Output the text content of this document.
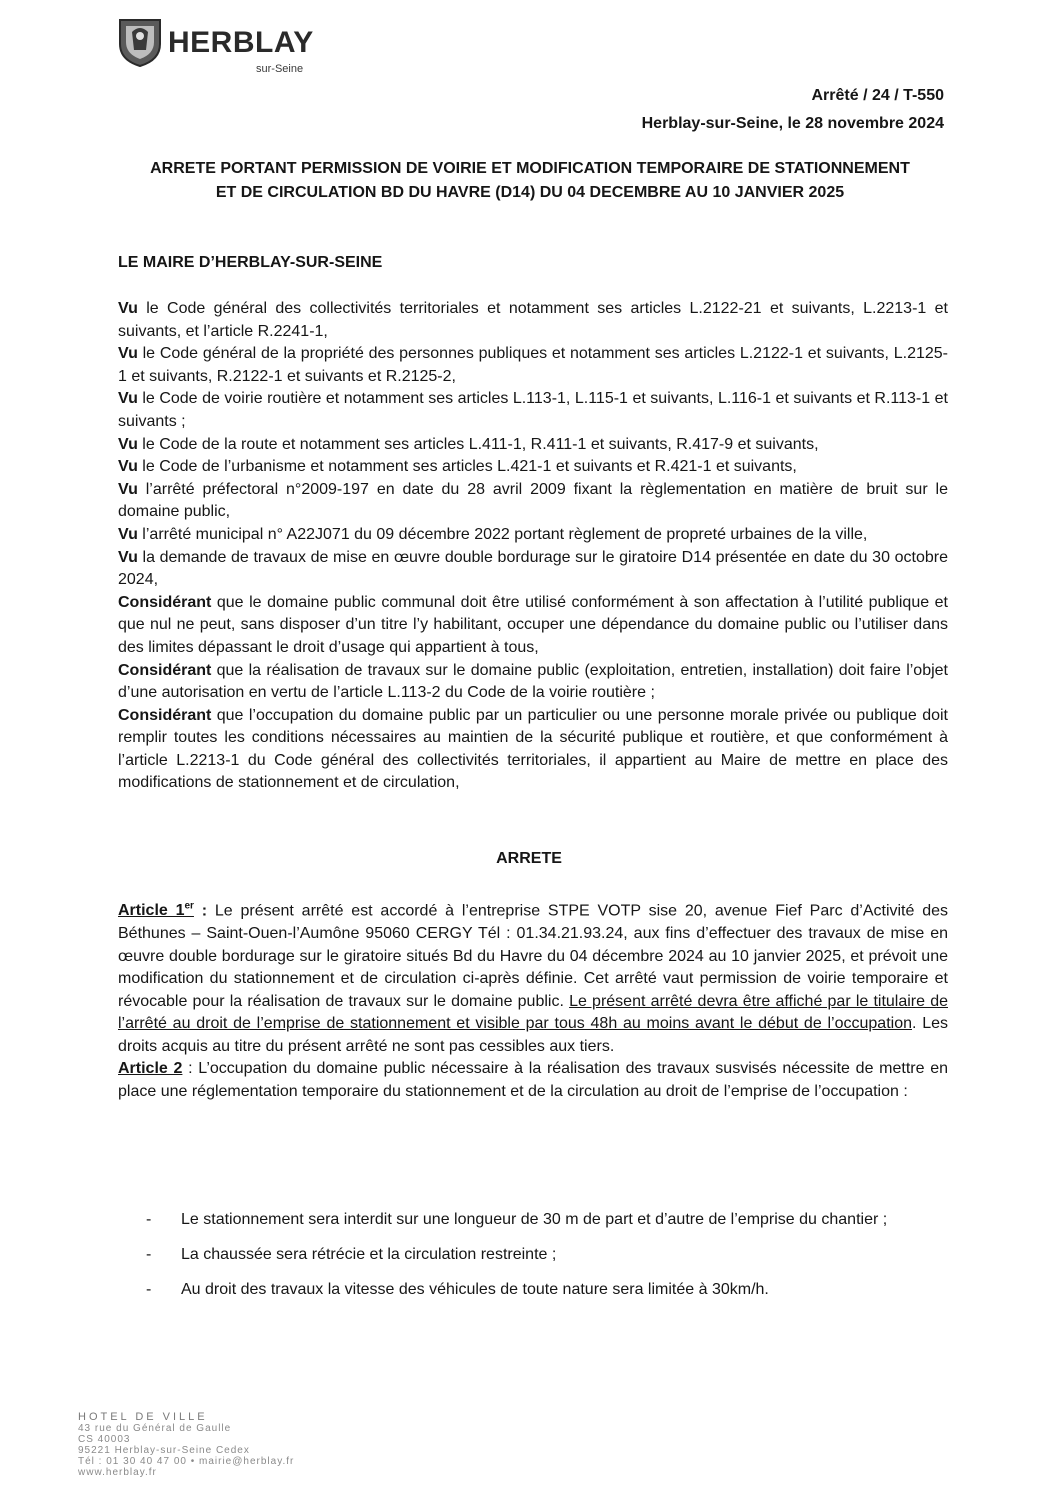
HERBLAY
sur-Seine
Arrêté / 24 / T-550
Herblay-sur-Seine, le 28 novembre 2024
ARRETE PORTANT PERMISSION DE VOIRIE ET MODIFICATION TEMPORAIRE DE STATIONNEMENT
ET DE CIRCULATION BD DU HAVRE (D14) DU 04 DECEMBRE AU 10 JANVIER 2025
LE MAIRE D’HERBLAY-SUR-SEINE

Vu le Code général des collectivités territoriales et notamment ses articles L.2122-21 et suivants, L.2213-1 et suivants, et l’article R.2241-1,

Vu le Code général de la propriété des personnes publiques et notamment ses articles L.2122-1 et suivants, L.2125-1 et suivants, R.2122-1 et suivants et R.2125-2,

Vu le Code de voirie routière et notamment ses articles L.113-1, L.115-1 et suivants, L.116-1 et suivants et R.113-1 et suivants ;

Vu le Code de la route et notamment ses articles L.411-1, R.411-1 et suivants, R.417-9 et suivants,

Vu le Code de l’urbanisme et notamment ses articles L.421-1 et suivants et R.421-1 et suivants,

Vu l’arrêté préfectoral n°2009-197 en date du 28 avril 2009 fixant la règlementation en matière de bruit sur le domaine public,

Vu l’arrêté municipal n° A22J071 du 09 décembre 2022 portant règlement de propreté urbaines de la ville,

Vu la demande de travaux de mise en œuvre double bordurage sur le giratoire D14 présentée en date du 30 octobre 2024,

Considérant que le domaine public communal doit être utilisé conformément à son affectation à l’utilité publique et que nul ne peut, sans disposer d’un titre l’y habilitant, occuper une dépendance du domaine public ou l’utiliser dans des limites dépassant le droit d’usage qui appartient à tous,

Considérant que la réalisation de travaux sur le domaine public (exploitation, entretien, installation) doit faire l’objet d’une autorisation en vertu de l’article L.113-2 du Code de la voirie routière ;

Considérant que l’occupation du domaine public par un particulier ou une personne morale privée ou publique doit remplir toutes les conditions nécessaires au maintien de la sécurité publique et routière, et que conformément à l’article L.2213-1 du Code général des collectivités territoriales, il appartient au Maire de mettre en place des modifications de stationnement et de circulation,

ARRETE

Article 1er : Le présent arrêté est accordé à l’entreprise STPE VOTP sise 20, avenue Fief Parc d’Activité des Béthunes – Saint-Ouen-l’Aumône 95060 CERGY Tél : 01.34.21.93.24, aux fins d’effectuer des travaux de mise en œuvre double bordurage sur le giratoire situés Bd du Havre du 04 décembre 2024 au 10 janvier 2025, et prévoit une modification du stationnement et de circulation ci-après définie. Cet arrêté vaut permission de voirie temporaire et révocable pour la réalisation de travaux sur le domaine public. Le présent arrêté devra être affiché par le titulaire de l’arrêté au droit de l’emprise de stationnement et visible par tous 48h au moins avant le début de l’occupation. Les droits acquis au titre du présent arrêté ne sont pas cessibles aux tiers.

Article 2 : L’occupation du domaine public nécessaire à la réalisation des travaux susvisés nécessite de mettre en place une réglementation temporaire du stationnement et de la circulation au droit de l’emprise de l’occupation :

-	Le stationnement sera interdit sur une longueur de 30 m de part et d’autre de l’emprise du chantier ;
-	La chaussée sera rétrécie et la circulation restreinte ;
-	Au droit des travaux la vitesse des véhicules de toute nature sera limitée à 30km/h.
HOTEL DE VILLE
43 rue du Général de Gaulle
CS 40003
95221 Herblay-sur-Seine Cedex
Tél : 01 30 40 47 00 • mairie@herblay.fr
www.herblay.fr
